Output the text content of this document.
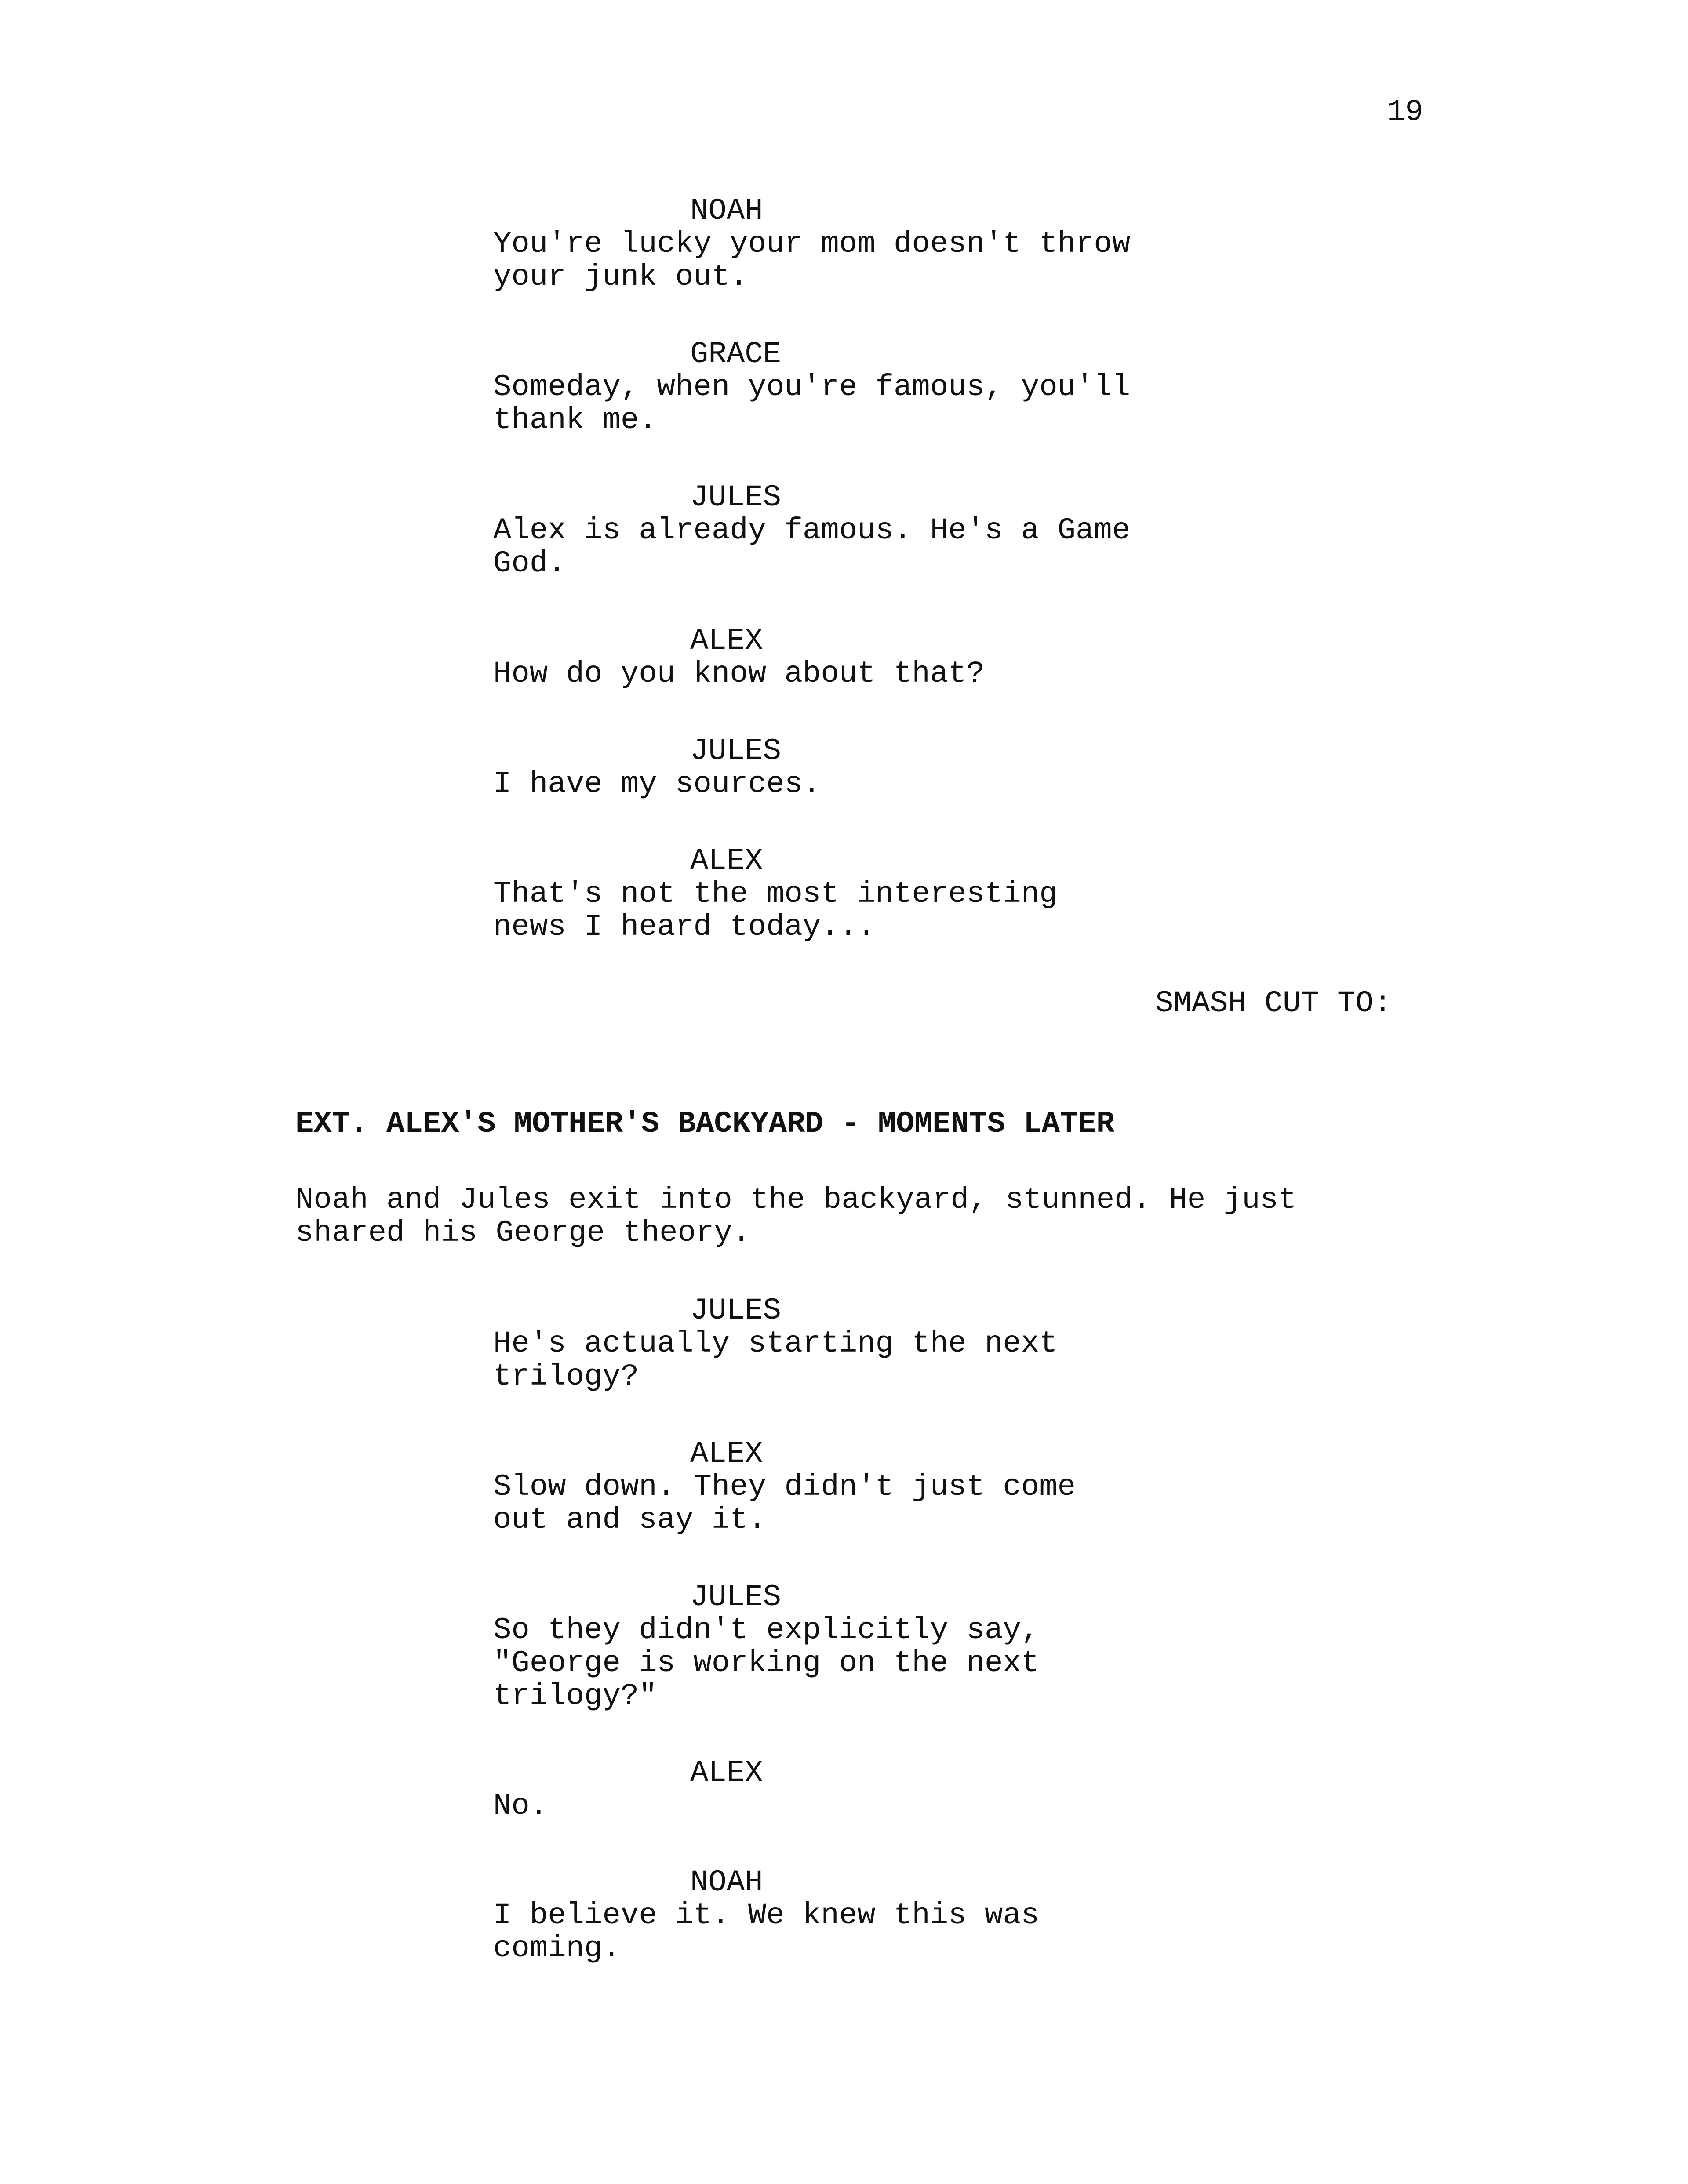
19
NOAH
You're lucky your mom doesn't throw
your junk out.
GRACE
Someday, when you're famous, you'll
thank me.
JULES
Alex is already famous. He's a Game
God.
ALEX
How do you know about that?
JULES
I have my sources.
ALEX
That's not the most interesting
news I heard today...
SMASH CUT TO:
EXT. ALEX'S MOTHER'S BACKYARD - MOMENTS LATER
Noah and Jules exit into the backyard, stunned. He just
shared his George theory.
JULES
He's actually starting the next
trilogy?
ALEX
Slow down. They didn't just come
out and say it.
JULES
So they didn't explicitly say,
"George is working on the next
trilogy?"
ALEX
No.
NOAH
I believe it. We knew this was
coming.
